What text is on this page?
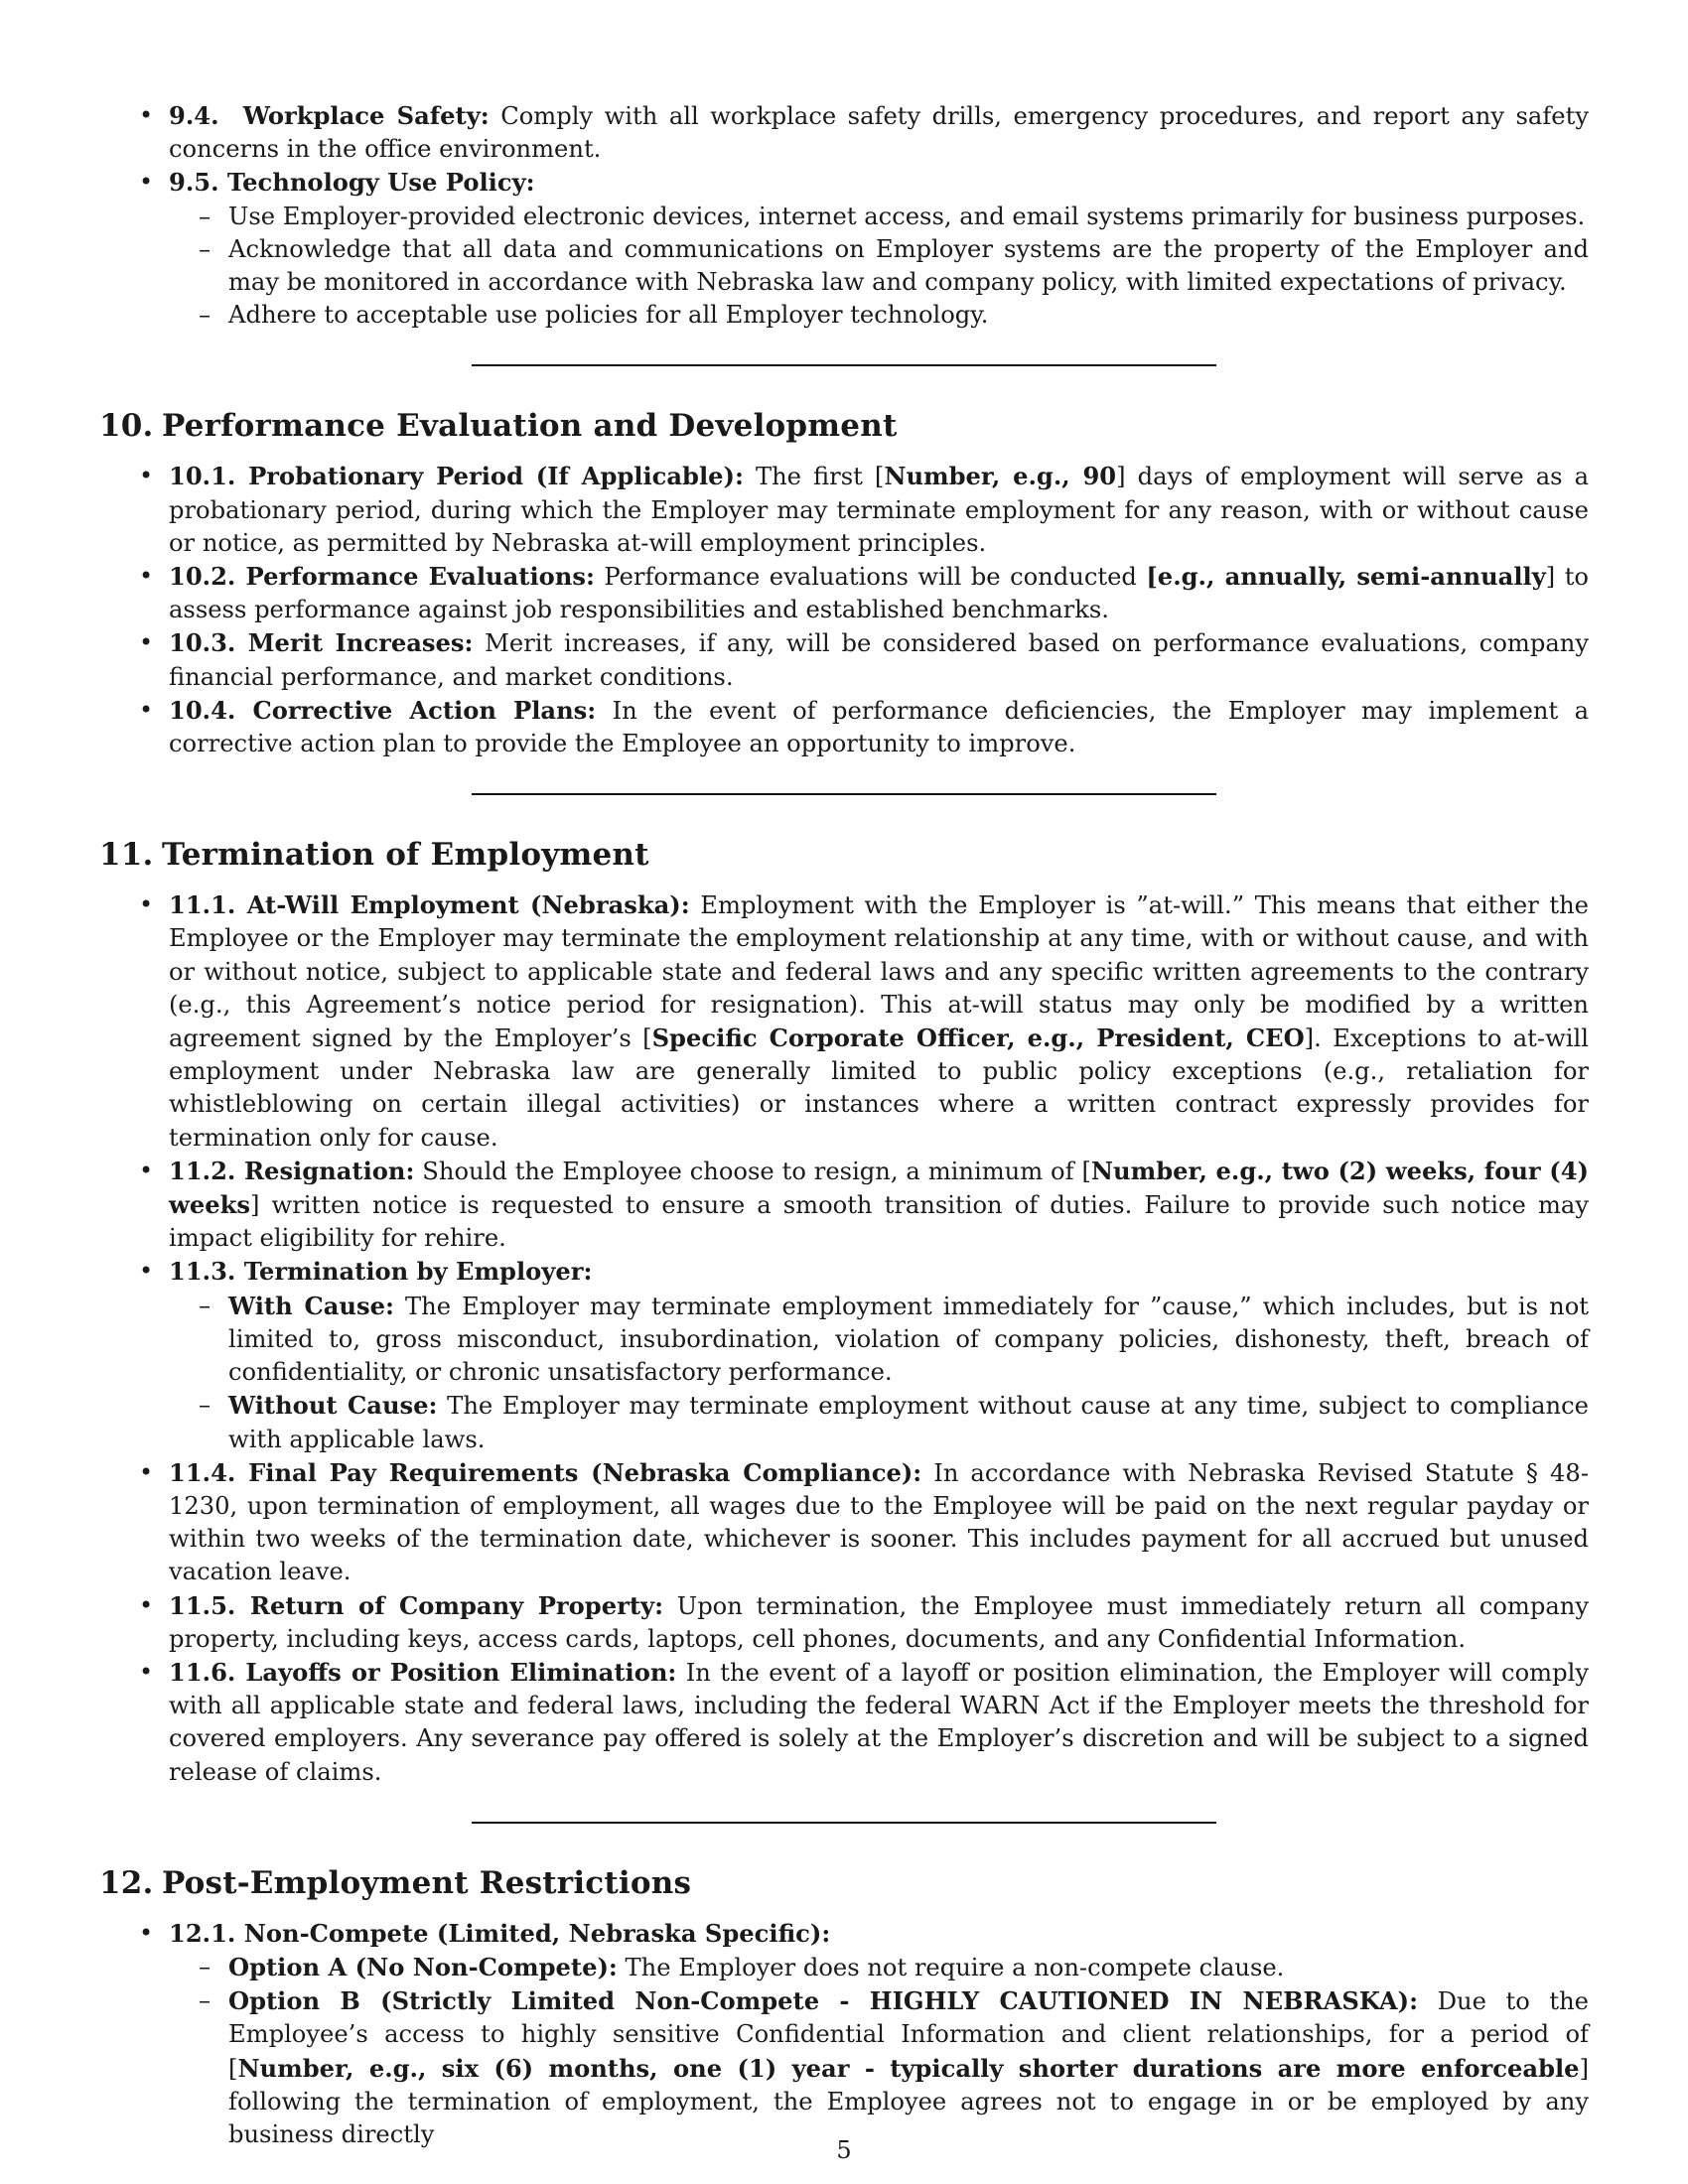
• 9.4. Workplace Safety: Comply with all workplace safety drills, emergency procedures, and report any safety concerns in the office environment.
• 9.5. Technology Use Policy:
– Use Employer-provided electronic devices, internet access, and email systems primarily for business purposes.
– Acknowledge that all data and communications on Employer systems are the property of the Employer and may be monitored in accordance with Nebraska law and company policy, with limited expectations of privacy.
– Adhere to acceptable use policies for all Employer technology.
10. Performance Evaluation and Development
• 10.1. Probationary Period (If Applicable): The first [Number, e.g., 90] days of employment will serve as a probationary period, during which the Employer may terminate employment for any reason, with or without cause or notice, as permitted by Nebraska at-will employment principles.
• 10.2. Performance Evaluations: Performance evaluations will be conducted [e.g., annually, semi-annually] to assess performance against job responsibilities and established benchmarks.
• 10.3. Merit Increases: Merit increases, if any, will be considered based on performance evaluations, company financial performance, and market conditions.
• 10.4. Corrective Action Plans: In the event of performance deficiencies, the Employer may implement a corrective action plan to provide the Employee an opportunity to improve.
11. Termination of Employment
• 11.1. At-Will Employment (Nebraska): Employment with the Employer is ”at-will.” This means that either the Employee or the Employer may terminate the employment relationship at any time, with or without cause, and with or without notice, subject to applicable state and federal laws and any specific written agreements to the contrary (e.g., this Agreement’s notice period for resignation). This at-will status may only be modified by a written agreement signed by the Employer’s [Specific Corporate Officer, e.g., President, CEO]. Exceptions to at-will employment under Nebraska law are generally limited to public policy exceptions (e.g., retaliation for whistleblowing on certain illegal activities) or instances where a written contract expressly provides for termination only for cause.
• 11.2. Resignation: Should the Employee choose to resign, a minimum of [Number, e.g., two (2) weeks, four (4) weeks] written notice is requested to ensure a smooth transition of duties. Failure to provide such notice may impact eligibility for rehire.
• 11.3. Termination by Employer:
– With Cause: The Employer may terminate employment immediately for ”cause,” which includes, but is not limited to, gross misconduct, insubordination, violation of company policies, dishonesty, theft, breach of confidentiality, or chronic unsatisfactory performance.
– Without Cause: The Employer may terminate employment without cause at any time, subject to compliance with applicable laws.
• 11.4. Final Pay Requirements (Nebraska Compliance): In accordance with Nebraska Revised Statute § 48-1230, upon termination of employment, all wages due to the Employee will be paid on the next regular payday or within two weeks of the termination date, whichever is sooner. This includes payment for all accrued but unused vacation leave.
• 11.5. Return of Company Property: Upon termination, the Employee must immediately return all company property, including keys, access cards, laptops, cell phones, documents, and any Confidential Information.
• 11.6. Layoffs or Position Elimination: In the event of a layoff or position elimination, the Employer will comply with all applicable state and federal laws, including the federal WARN Act if the Employer meets the threshold for covered employers. Any severance pay offered is solely at the Employer’s discretion and will be subject to a signed release of claims.
12. Post-Employment Restrictions
• 12.1. Non-Compete (Limited, Nebraska Specific):
– Option A (No Non-Compete): The Employer does not require a non-compete clause.
– Option B (Strictly Limited Non-Compete - HIGHLY CAUTIONED IN NEBRASKA): Due to the Employee’s access to highly sensitive Confidential Information and client relationships, for a period of [Number, e.g., six (6) months, one (1) year - typically shorter durations are more enforceable] following the termination of employment, the Employee agrees not to engage in or be employed by any business directly
5
